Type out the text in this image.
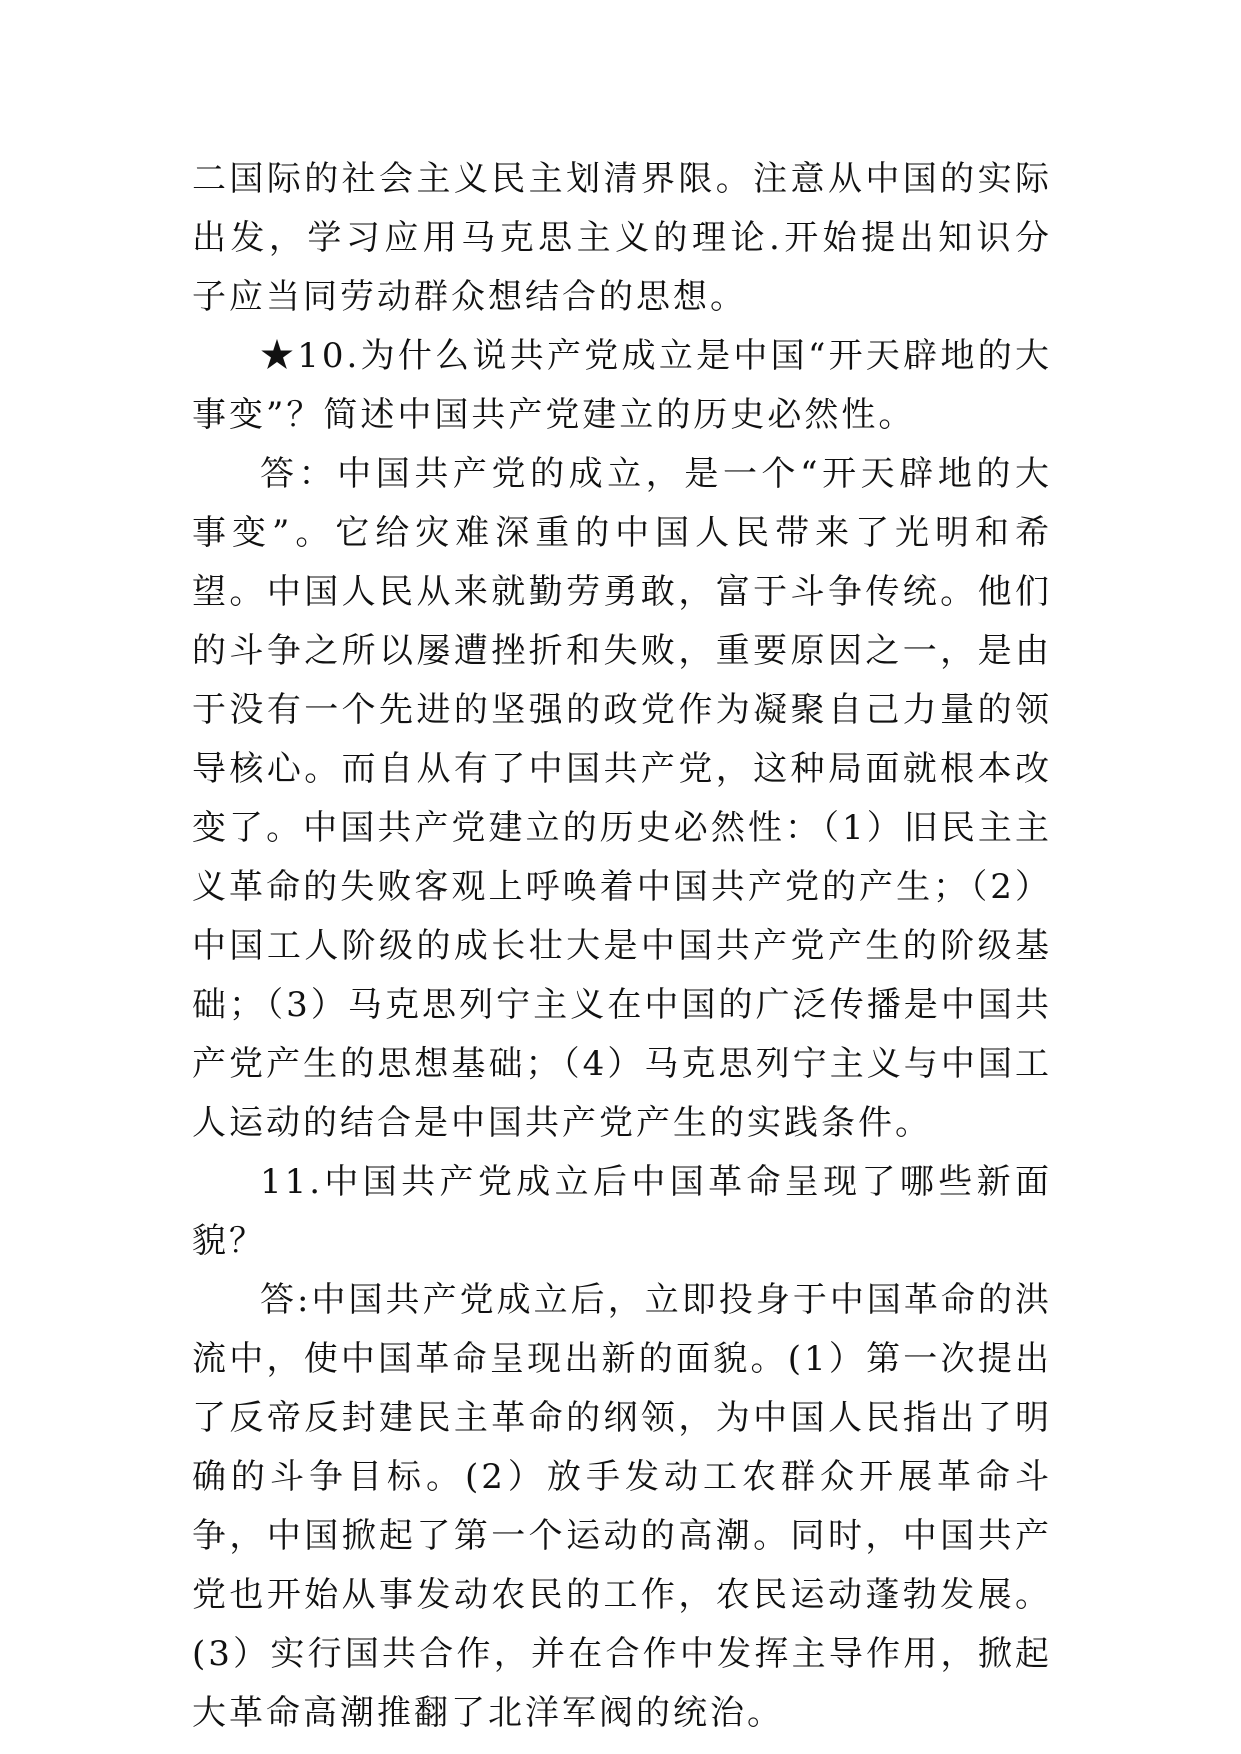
二国际的社会主义民主划清界限。注意从中国的实际出发，学习应用马克思主义的理论.开始提出知识分子应当同劳动群众想结合的思想。

★10.为什么说共产党成立是中国“开天辟地的大事变”？简述中国共产党建立的历史必然性。

答：中国共产党的成立，是一个“开天辟地的大事变”。它给灾难深重的中国人民带来了光明和希望。中国人民从来就勤劳勇敢，富于斗争传统。他们的斗争之所以屡遭挫折和失败，重要原因之一，是由于没有一个先进的坚强的政党作为凝聚自己力量的领导核心。而自从有了中国共产党，这种局面就根本改变了。中国共产党建立的历史必然性：（1）旧民主主义革命的失败客观上呼唤着中国共产党的产生；（2）中国工人阶级的成长壮大是中国共产党产生的阶级基础；（3）马克思列宁主义在中国的广泛传播是中国共产党产生的思想基础；（4）马克思列宁主义与中国工人运动的结合是中国共产党产生的实践条件。

11.中国共产党成立后中国革命呈现了哪些新面貌？

答:中国共产党成立后，立即投身于中国革命的洪流中，使中国革命呈现出新的面貌。(1）第一次提出了反帝反封建民主革命的纲领，为中国人民指出了明确的斗争目标。(2）放手发动工农群众开展革命斗争，中国掀起了第一个运动的高潮。同时，中国共产党也开始从事发动农民的工作，农民运动蓬勃发展。(3）实行国共合作，并在合作中发挥主导作用，掀起大革命高潮推翻了北洋军阀的统治。
